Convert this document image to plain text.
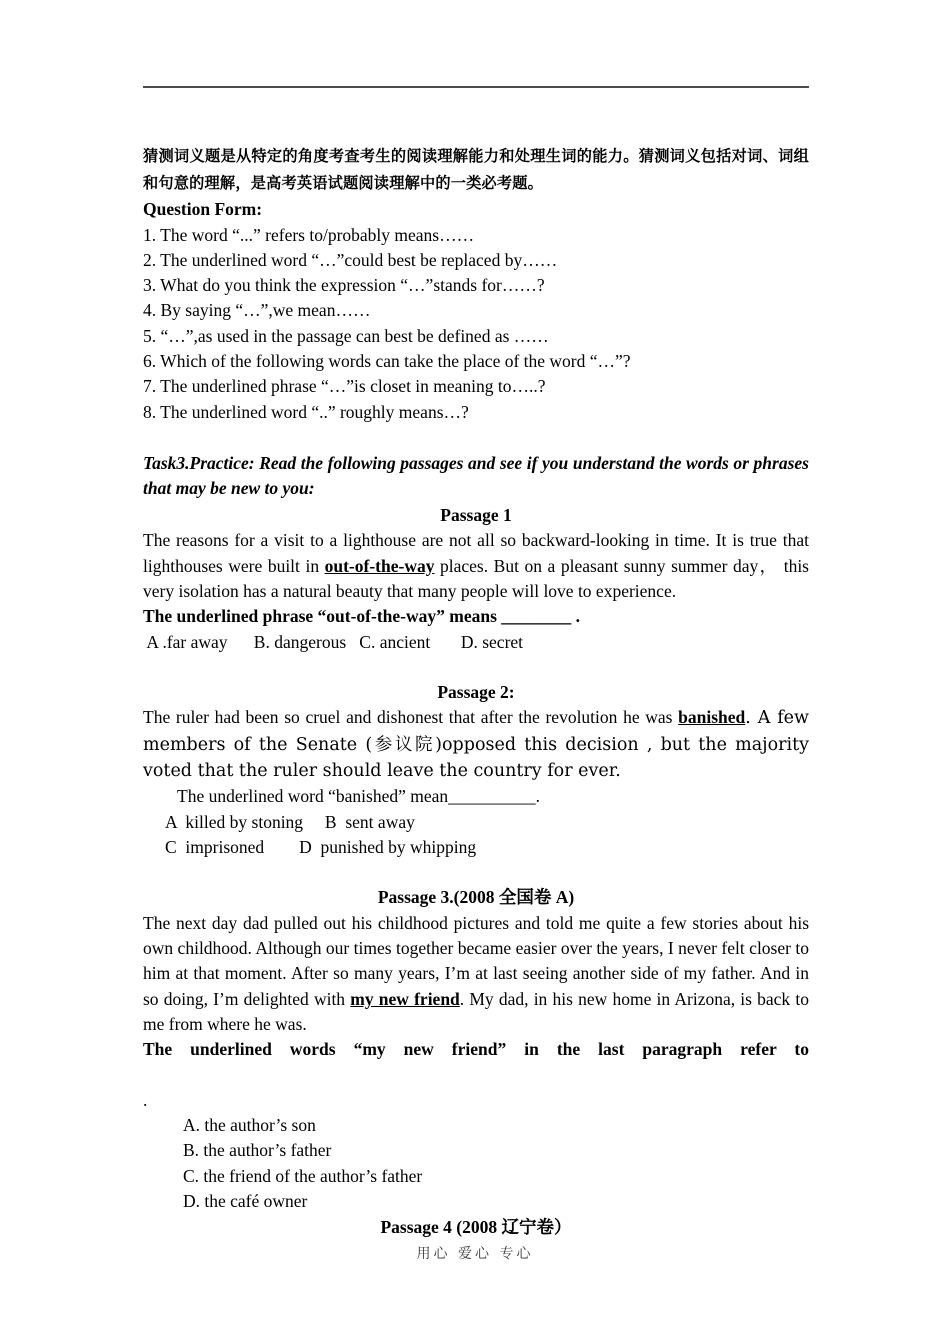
猜测词义题是从特定的角度考查考生的阅读理解能力和处理生词的能力。猜测词义包括对词、词组和句意的理解，是高考英语试题阅读理解中的一类必考题。

Question Form:

1. The word “...” refers to/probably means……
2. The underlined word “…”could best be replaced by……
3. What do you think the expression “…”stands for……?
4. By saying “…”,we mean……
5. “…”,as used in the passage can best be defined as ……
6. Which of the following words can take the place of the word “…”?
7. The underlined phrase “…”is closet in meaning to…..?
8. The underlined word “..” roughly means…?

Task3.Practice: Read the following passages and see if you understand the words or phrases that may be new to you:

Passage 1

The reasons for a visit to a lighthouse are not all so backward-looking in time. It is true that lighthouses were built in out-of-the-way places. But on a pleasant sunny summer day， this very isolation has a natural beauty that many people will love to experience.

The underlined phrase “out-of-the-way” means ________ .

A .far away      B. dangerous   C. ancient       D. secret

Passage 2:

The ruler had been so cruel and dishonest that after the revolution he was banished. A few members of the Senate (参议院)opposed this decision , but the majority voted that the ruler should leave the country for ever.

The underlined word “banished” mean__________.
A  killed by stoning     B  sent away
C  imprisoned        D  punished by whipping

Passage 3.(2008 全国卷 A)

The next day dad pulled out his childhood pictures and told me quite a few stories about his own childhood. Although our times together became easier over the years, I never felt closer to him at that moment. After so many years, I’m at last seeing another side of my father. And in so doing, I’m delighted with my new friend. My dad, in his new home in Arizona, is back to me from where he was.

The underlined words “my new friend” in the last paragraph refer to

.
A. the author’s son
B. the author’s father
C. the friend of the author’s father
D. the café owner

Passage 4 (2008 辽宁卷）

用心 爱心 专心
